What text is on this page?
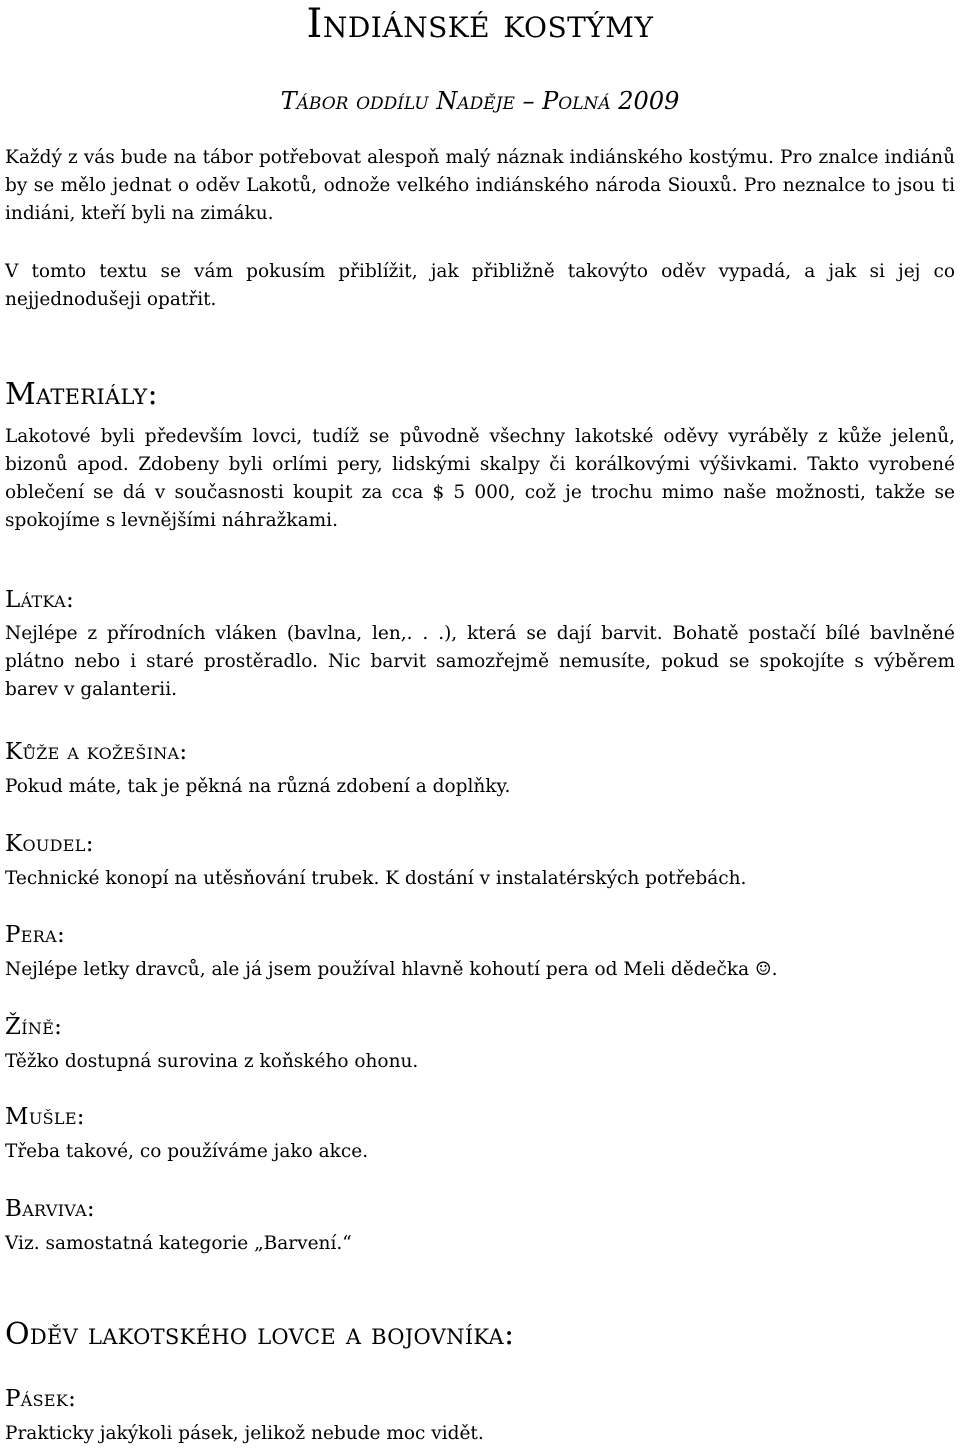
Indiánské kostýmy
Tábor oddílu Naděje – Polná 2009

Každý z vás bude na tábor potřebovat alespoň malý náznak indiánského kostýmu. Pro znalce indiánů by se mělo jednat o oděv Lakotů, odnože velkého indiánského národa Siouxů. Pro neznalce to jsou ti indiáni, kteří byli na zimáku.

V tomto textu se vám pokusím přiblížit, jak přibližně takovýto oděv vypadá, a jak si jej co nejjednodušeji opatřit.

Materiály:

Lakotové byli především lovci, tudíž se původně všechny lakotské oděvy vyráběly z kůže jelenů, bizonů apod. Zdobeny byli orlími pery, lidskými skalpy či korálkovými výšivkami. Takto vyrobené oblečení se dá v současnosti koupit za cca $ 5 000, což je trochu mimo naše možnosti, takže se spokojíme s levnějšími náhražkami.

Látka:

Nejlépe z přírodních vláken (bavlna, len,. . .), která se dají barvit. Bohatě postačí bílé bavlněné plátno nebo i staré prostěradlo. Nic barvit samozřejmě nemusíte, pokud se spokojíte s výběrem barev v galanterii.

Kůže a kožešina:

Pokud máte, tak je pěkná na různá zdobení a doplňky.

Koudel:

Technické konopí na utěsňování trubek. K dostání v instalatérských potřebách.

Pera:

Nejlépe letky dravců, ale já jsem používal hlavně kohoutí pera od Meli dědečka ☺.

Žíně:

Těžko dostupná surovina z koňského ohonu.

Mušle:

Třeba takové, co používáme jako akce.

Barviva:

Viz. samostatná kategorie „Barvení.“

Oděv lakotského lovce a bojovníka:
Pásek:

Prakticky jakýkoli pásek, jelikož nebude moc vidět.
